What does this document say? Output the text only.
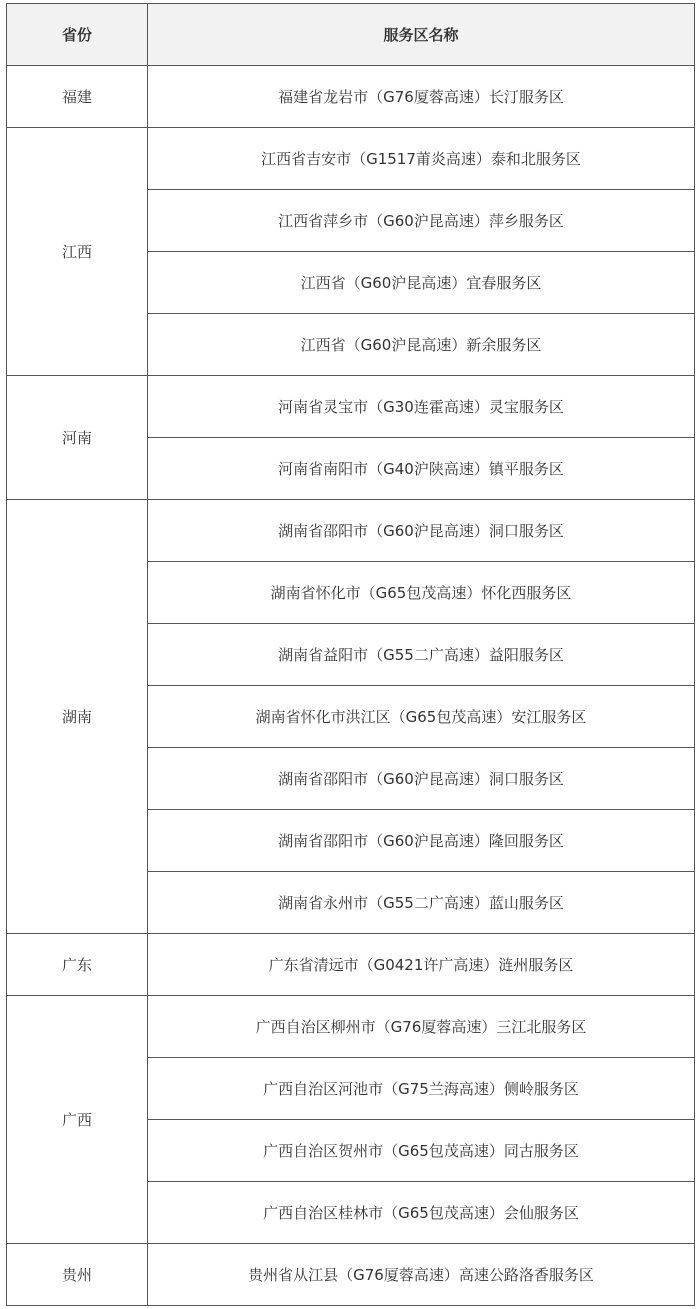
省份	服务区名称
福建	福建省龙岩市（G76厦蓉高速）长汀服务区
江西	江西省吉安市（G1517莆炎高速）泰和北服务区
	江西省萍乡市（G60沪昆高速）萍乡服务区
	江西省（G60沪昆高速）宜春服务区
	江西省（G60沪昆高速）新余服务区
河南	河南省灵宝市（G30连霍高速）灵宝服务区
	河南省南阳市（G40沪陕高速）镇平服务区
湖南	湖南省邵阳市（G60沪昆高速）洞口服务区
	湖南省怀化市（G65包茂高速）怀化西服务区
	湖南省益阳市（G55二广高速）益阳服务区
	湖南省怀化市洪江区（G65包茂高速）安江服务区
	湖南省邵阳市（G60沪昆高速）洞口服务区
	湖南省邵阳市（G60沪昆高速）隆回服务区
	湖南省永州市（G55二广高速）蓝山服务区
广东	广东省清远市（G0421许广高速）涟州服务区
广西	广西自治区柳州市（G76厦蓉高速）三江北服务区
	广西自治区河池市（G75兰海高速）侧岭服务区
	广西自治区贺州市（G65包茂高速）同古服务区
	广西自治区桂林市（G65包茂高速）会仙服务区
贵州	贵州省从江县（G76厦蓉高速）高速公路洛香服务区
